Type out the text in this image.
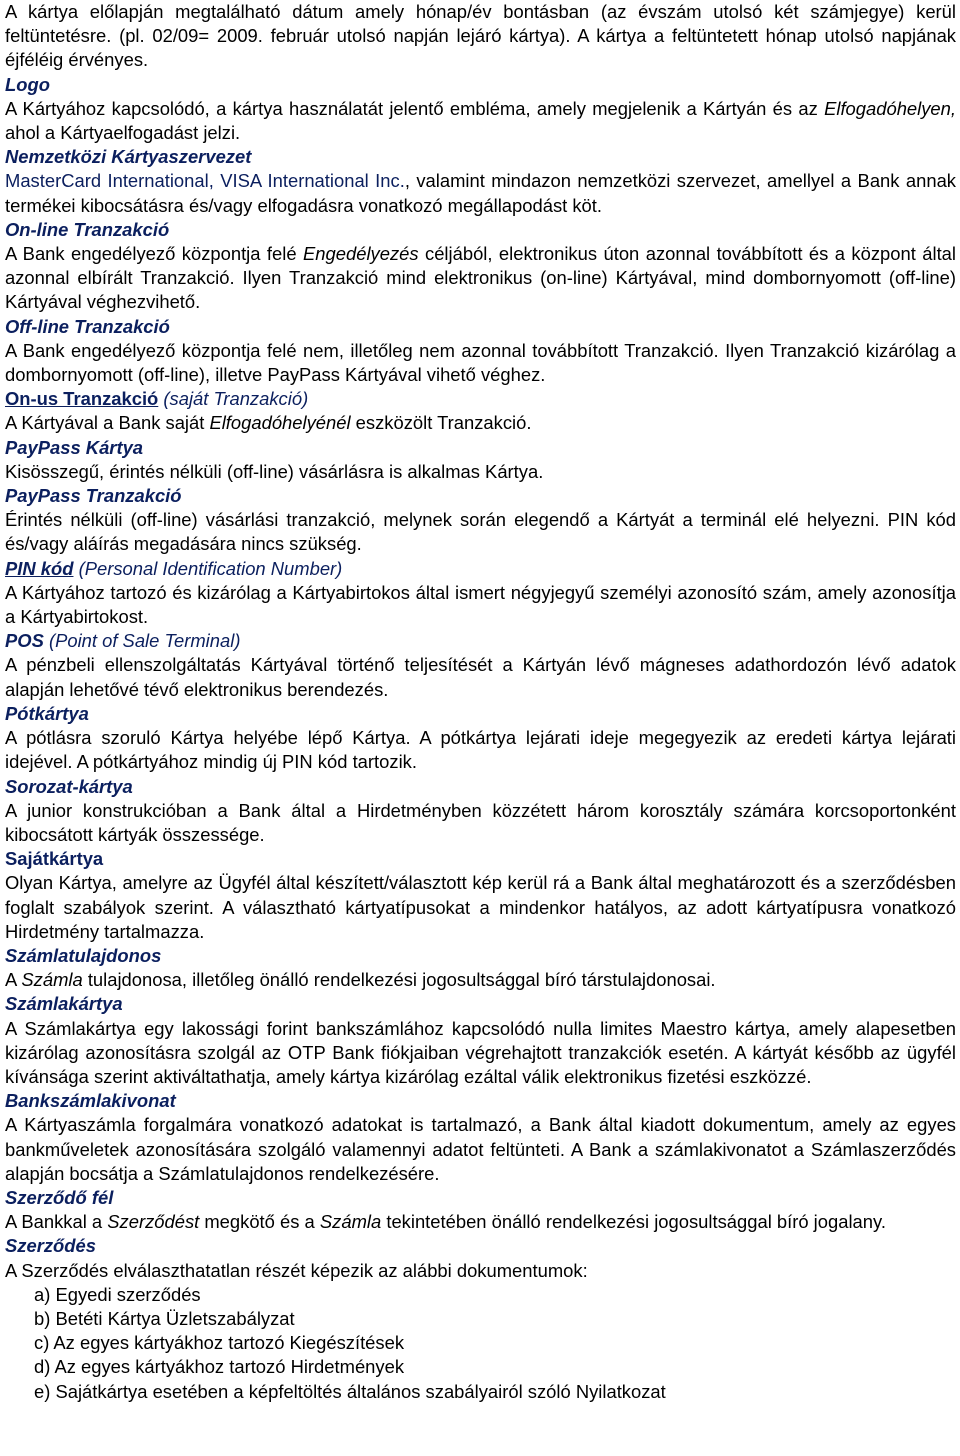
A kártya előlapján megtalálható dátum amely hónap/év bontásban (az évszám utolsó két számjegye) kerül feltüntetésre. (pl. 02/09= 2009. február utolsó napján lejáró kártya). A kártya a feltüntetett hónap utolsó napjának éjféléig érvényes.
Logo
A Kártyához kapcsolódó, a kártya használatát jelentő embléma, amely megjelenik a Kártyán és az Elfogadóhelyen, ahol a Kártyaelfogadást jelzi.
Nemzetközi Kártyaszervezet
MasterCard International, VISA International Inc., valamint mindazon nemzetközi szervezet, amellyel a Bank annak termékei kibocsátásra és/vagy elfogadásra vonatkozó megállapodást köt.
On-line Tranzakció
A Bank engedélyező központja felé Engedélyezés céljából, elektronikus úton azonnal továbbított és a központ által azonnal elbírált Tranzakció. Ilyen Tranzakció mind elektronikus (on-line) Kártyával, mind dombornyomott (off-line) Kártyával véghezvihető.
Off-line Tranzakció
A Bank engedélyező központja felé nem, illetőleg nem azonnal továbbított Tranzakció. Ilyen Tranzakció kizárólag a dombornyomott (off-line), illetve PayPass Kártyával vihető véghez.
On-us Tranzakció (saját Tranzakció)
A Kártyával a Bank saját Elfogadóhelyénél eszközölt Tranzakció.
PayPass Kártya
Kisösszegű, érintés nélküli (off-line) vásárlásra is alkalmas Kártya.
PayPass Tranzakció
Érintés nélküli (off-line) vásárlási tranzakció, melynek során elegendő a Kártyát a terminál elé helyezni. PIN kód és/vagy aláírás megadására nincs szükség.
PIN kód (Personal Identification Number)
A Kártyához tartozó és kizárólag a Kártyabirtokos által ismert négyjegyű személyi azonosító szám, amely azonosítja a Kártyabirtokost.
POS (Point of Sale Terminal)
A pénzbeli ellenszolgáltatás Kártyával történő teljesítését a Kártyán lévő mágneses adathordozón lévő adatok alapján lehetővé tévő elektronikus berendezés.
Pótkártya
A pótlásra szoruló Kártya helyébe lépő Kártya. A pótkártya lejárati ideje megegyezik az eredeti kártya lejárati idejével. A pótkártyához mindig új PIN kód tartozik.
Sorozat-kártya
A junior konstrukcióban a Bank által a Hirdetményben közzétett három korosztály számára korcsoportonként kibocsátott kártyák összessége.
Sajátkártya
Olyan Kártya, amelyre az Ügyfél által készített/választott kép kerül rá a Bank által meghatározott és a szerződésben foglalt szabályok szerint. A választható kártyatípusokat a mindenkor hatályos, az adott kártyatípusra vonatkozó Hirdetmény tartalmazza.
Számlatulajdonos
A Számla tulajdonosa, illetőleg önálló rendelkezési jogosultsággal bíró társtulajdonosai.
Számlakártya
A Számlakártya egy lakossági forint bankszámlához kapcsolódó nulla limites Maestro kártya, amely alapesetben kizárólag azonosításra szolgál az OTP Bank fiókjaiban végrehajtott tranzakciók esetén. A kártyát később az ügyfél kívánsága szerint aktiváltathatja, amely kártya kizárólag ezáltal válik elektronikus fizetési eszközzé.
Bankszámlakivonat
A Kártyaszámla forgalmára vonatkozó adatokat is tartalmazó, a Bank által kiadott dokumentum, amely az egyes bankműveletek azonosítására szolgáló valamennyi adatot feltünteti. A Bank a számlakivonatot a Számlaszerződés alapján bocsátja a Számlatulajdonos rendelkezésére.
Szerződő fél
A Bankkal a Szerződést megkötő és a Számla tekintetében önálló rendelkezési jogosultsággal bíró jogalany.
Szerződés
A Szerződés elválaszthatatlan részét képezik az alábbi dokumentumok:
a) Egyedi szerződés
b) Betéti Kártya Üzletszabályzat
c) Az egyes kártyákhoz tartozó Kiegészítések
d) Az egyes kártyákhoz tartozó Hirdetmények
e) Sajátkártya esetében a képfeltöltés általános szabályairól szóló Nyilatkozat
